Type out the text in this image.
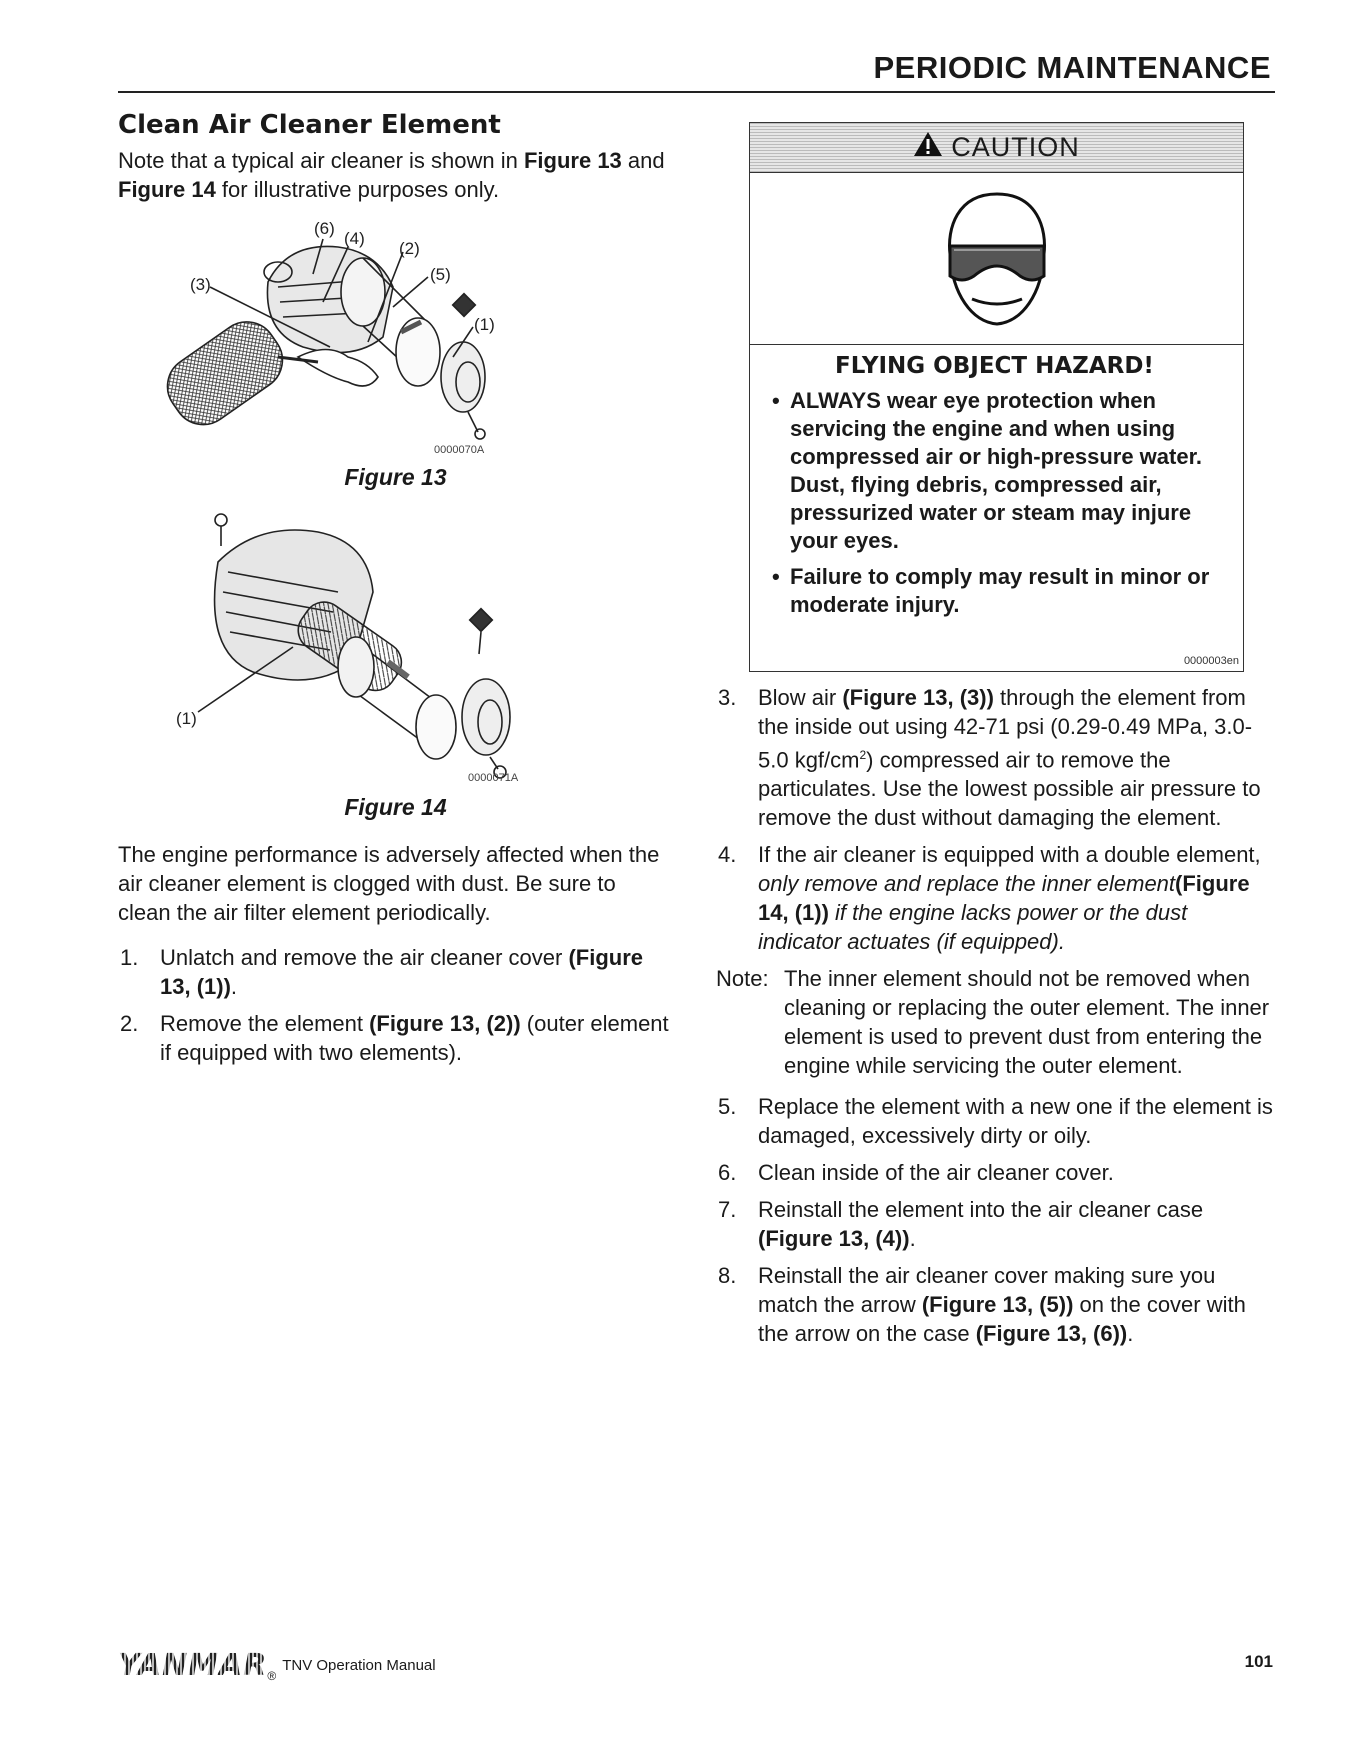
PERIODIC MAINTENANCE
Clean Air Cleaner Element

Note that a typical air cleaner is shown in Figure 13 and Figure 14 for illustrative purposes only.

(6)
(4)
(2)
(5)
(3)
(1)
0000070A
Figure 13
(1)
0000071A
Figure 14

The engine performance is adversely affected when the air cleaner element is clogged with dust. Be sure to clean the air filter element periodically.

1. Unlatch and remove the air cleaner cover (Figure 13, (1)).
2. Remove the element (Figure 13, (2)) (outer element if equipped with two elements).
CAUTION
FLYING OBJECT HAZARD!
• ALWAYS wear eye protection when servicing the engine and when using compressed air or high-pressure water. Dust, flying debris, compressed air, pressurized water or steam may injure your eyes.
• Failure to comply may result in minor or moderate injury.
0000003en
3. Blow air (Figure 13, (3)) through the element from the inside out using 42-71 psi (0.29-0.49 MPa, 3.0-5.0 kgf/$cm^2$) compressed air to remove the particulates. Use the lowest possible air pressure to remove the dust without damaging the element.
4. If the air cleaner is equipped with a double element, only remove and replace the inner element(Figure 14, (1)) if the engine lacks power or the dust indicator actuates (if equipped).
Note: The inner element should not be removed when cleaning or replacing the outer element. The inner element is used to prevent dust from entering the engine while servicing the outer element.
5. Replace the element with a new one if the element is damaged, excessively dirty or oily.
6. Clean inside of the air cleaner cover.
7. Reinstall the element into the air cleaner case (Figure 13, (4)).
8. Reinstall the air cleaner cover making sure you match the arrow (Figure 13, (5)) on the cover with the arrow on the case (Figure 13, (6)).
YANMAR ®
TNV Operation Manual	101
